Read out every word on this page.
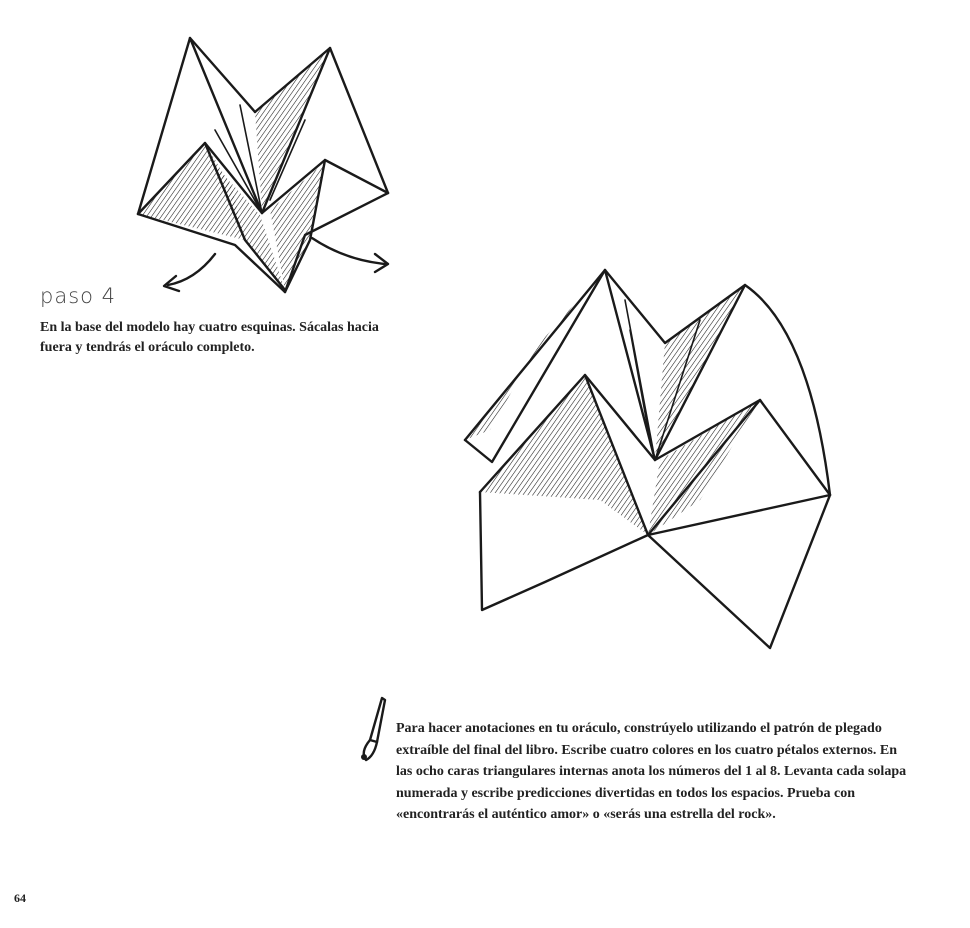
paso 4
En la base del modelo hay cuatro esquinas. Sácalas hacia fuera y tendrás el oráculo completo.
Para hacer anotaciones en tu oráculo, constrúyelo utilizando el patrón de plegado extraíble del final del libro. Escribe cuatro colores en los cuatro pétalos externos. En las ocho caras triangulares internas anota los números del 1 al 8. Levanta cada solapa numerada y escribe predicciones divertidas en todos los espacios. Prueba con «encontrarás el auténtico amor» o «serás una estrella del rock».
64
